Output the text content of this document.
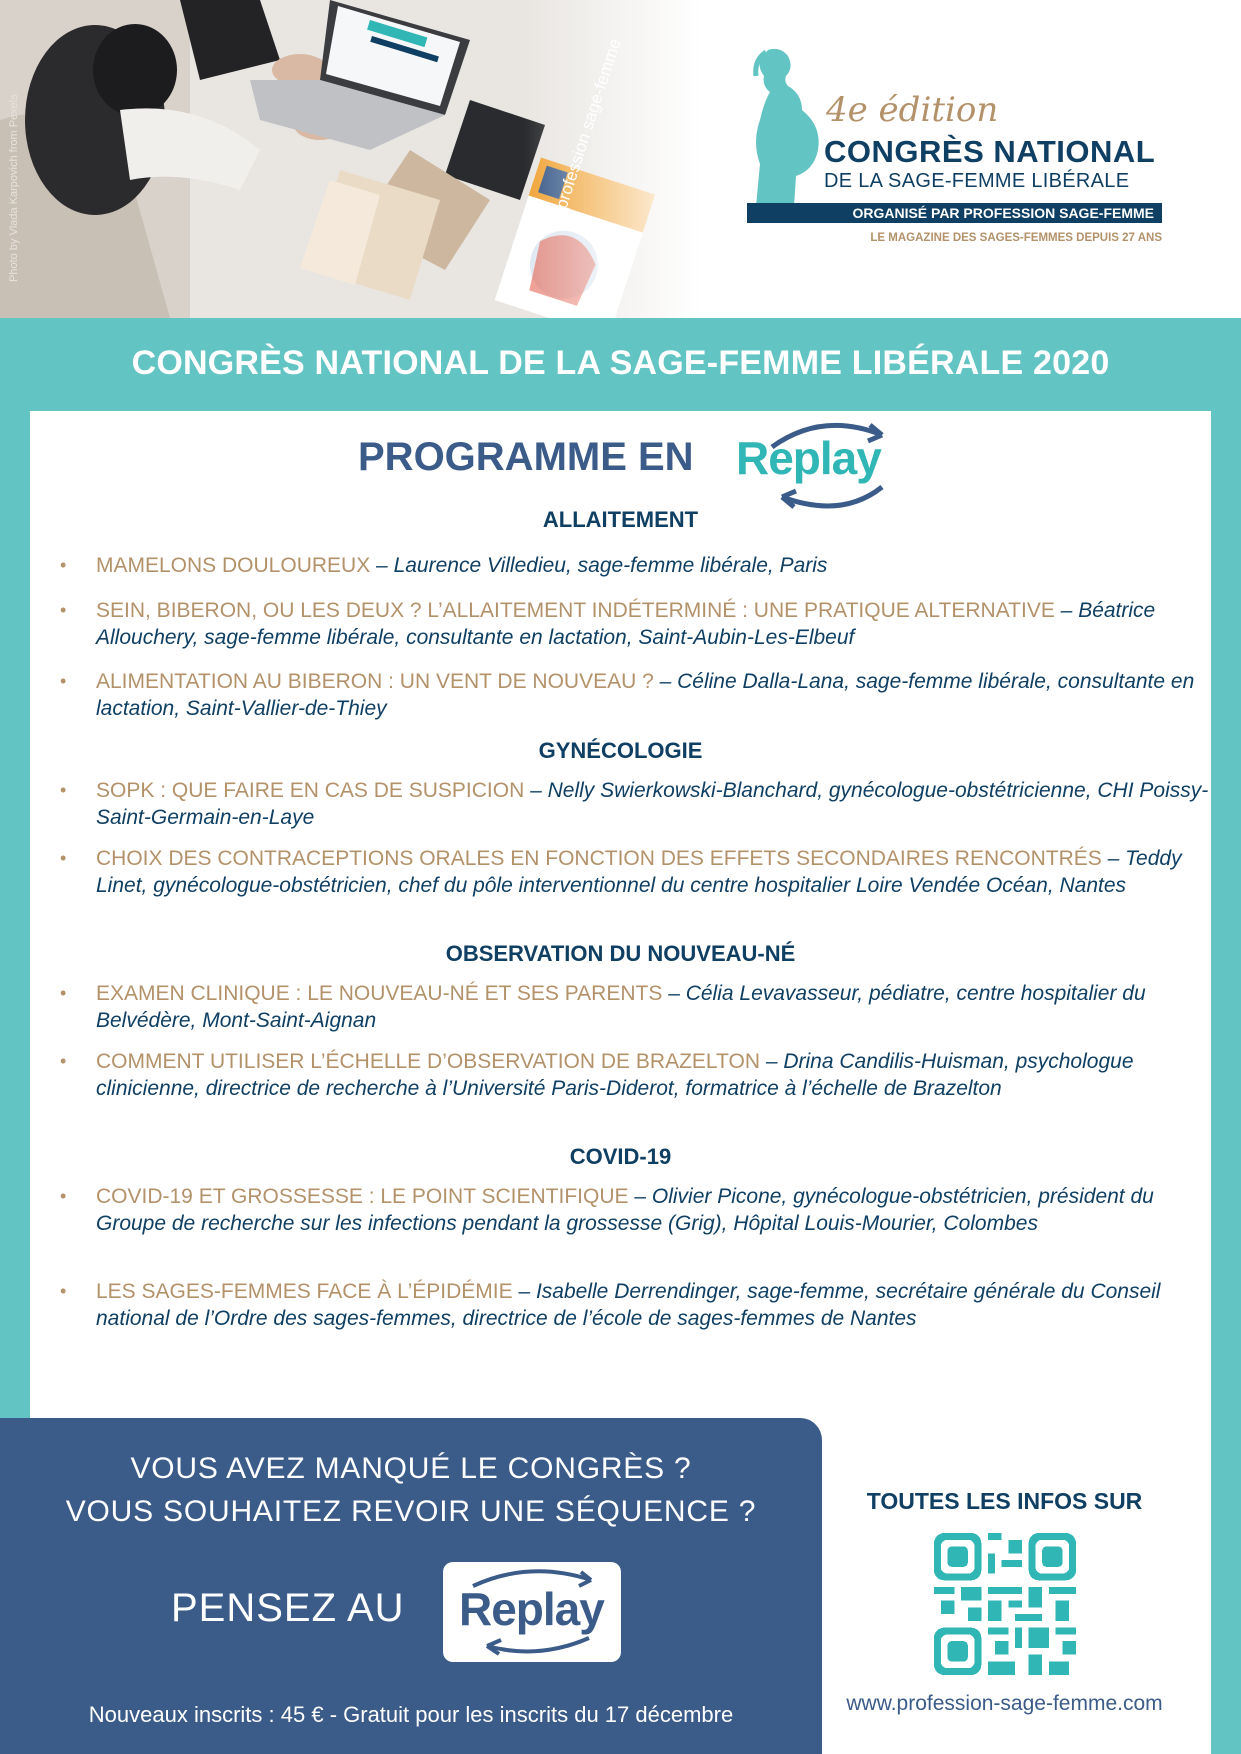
Photo by Vlada Karpovich from Pexels	4e édition
CONGRÈS NATIONAL
DE LA SAGE-FEMME LIBÉRALE
ORGANISÉ PAR PROFESSION SAGE-FEMME
LE MAGAZINE DES SAGES-FEMMES DEPUIS 27 ANS
CONGRÈS NATIONAL DE LA SAGE-FEMME LIBÉRALE 2020
PROGRAMME EN Replay
ALLAITEMENT
• MAMELONS DOULOUREUX – Laurence Villedieu, sage-femme libérale, Paris
• SEIN, BIBERON, OU LES DEUX ? L’ALLAITEMENT INDÉTERMINÉ : UNE PRATIQUE ALTERNATIVE – Béatrice Allouchery, sage-femme libérale, consultante en lactation, Saint-Aubin-Les-Elbeuf
• ALIMENTATION AU BIBERON : UN VENT DE NOUVEAU ? – Céline Dalla-Lana, sage-femme libérale, consultante en lactation, Saint-Vallier-de-Thiey
GYNÉCOLOGIE
• SOPK : QUE FAIRE EN CAS DE SUSPICION – Nelly Swierkowski-Blanchard, gynécologue-obstétricienne, CHI Poissy-Saint-Germain-en-Laye
• CHOIX DES CONTRACEPTIONS ORALES EN FONCTION DES EFFETS SECONDAIRES RENCONTRÉS – Teddy Linet, gynécologue-obstétricien, chef du pôle interventionnel du centre hospitalier Loire Vendée Océan, Nantes
OBSERVATION DU NOUVEAU-NÉ
• EXAMEN CLINIQUE : LE NOUVEAU-NÉ ET SES PARENTS – Célia Levavasseur, pédiatre, centre hospitalier du Belvédère, Mont-Saint-Aignan
• COMMENT UTILISER L’ÉCHELLE D’OBSERVATION DE BRAZELTON – Drina Candilis-Huisman, psychologue clinicienne, directrice de recherche à l’Université Paris-Diderot, formatrice à l’échelle de Brazelton
COVID-19
• COVID-19 ET GROSSESSE : LE POINT SCIENTIFIQUE – Olivier Picone, gynécologue-obstétricien, président du Groupe de recherche sur les infections pendant la grossesse (Grig), Hôpital Louis-Mourier, Colombes
• LES SAGES-FEMMES FACE À L’ÉPIDÉMIE – Isabelle Derrendinger, sage-femme, secrétaire générale du Conseil national de l’Ordre des sages-femmes, directrice de l’école de sages-femmes de Nantes
VOUS AVEZ MANQUÉ LE CONGRÈS ?
VOUS SOUHAITEZ REVOIR UNE SÉQUENCE ?
PENSEZ AU Replay
Nouveaux inscrits : 45 € - Gratuit pour les inscrits du 17 décembre
TOUTES LES INFOS SUR
www.profession-sage-femme.com
